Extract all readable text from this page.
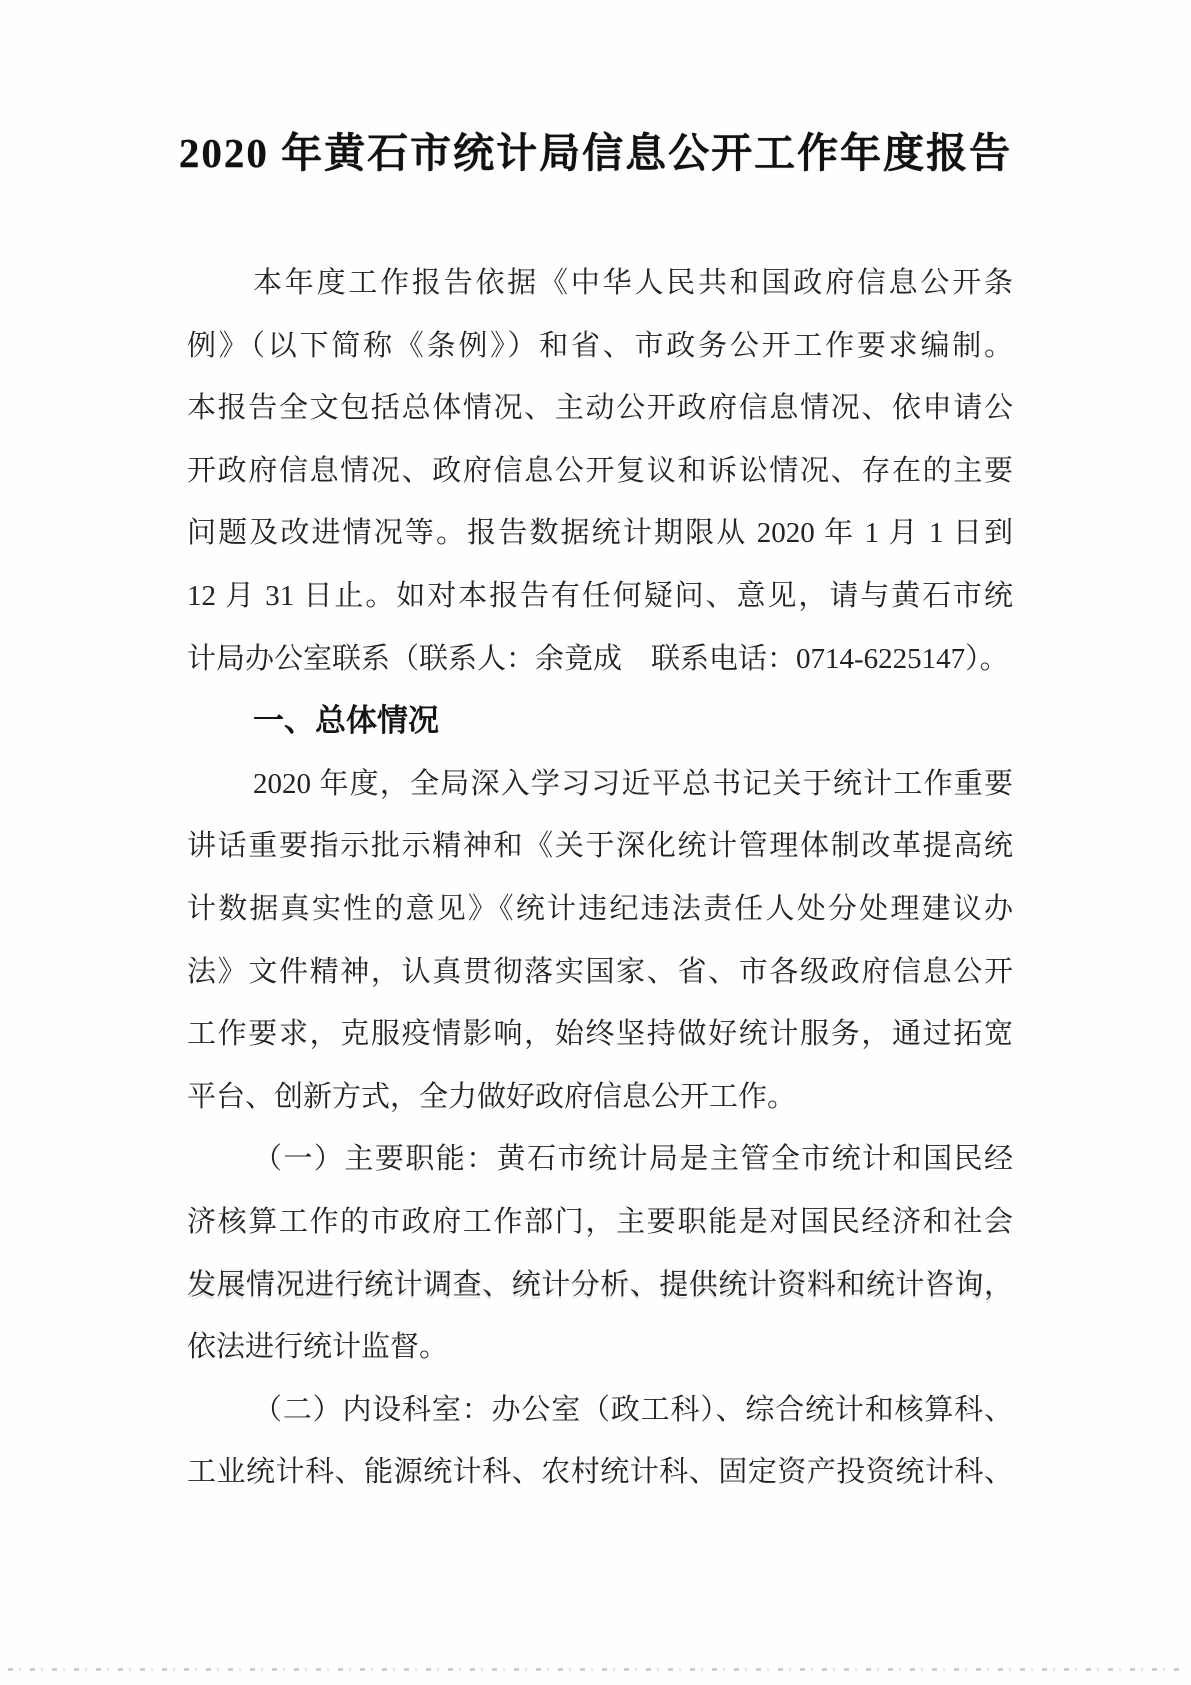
2020 年黄石市统计局信息公开工作年度报告
本年度工作报告依据《中华人民共和国政府信息公开条
例》（以下简称《条例》）和省、市政务公开工作要求编制。
本报告全文包括总体情况、主动公开政府信息情况、依申请公
开政府信息情况、政府信息公开复议和诉讼情况、存在的主要
问题及改进情况等。报告数据统计期限从 2020 年 1 月 1 日到
12 月 31 日止。如对本报告有任何疑问、意见，请与黄石市统
计局办公室联系（联系人：余竟成　联系电话：0714-6225147）。
一、总体情况
2020 年度，全局深入学习习近平总书记关于统计工作重要
讲话重要指示批示精神和《关于深化统计管理体制改革提高统
计数据真实性的意见》《统计违纪违法责任人处分处理建议办
法》文件精神，认真贯彻落实国家、省、市各级政府信息公开
工作要求，克服疫情影响，始终坚持做好统计服务，通过拓宽
平台、创新方式，全力做好政府信息公开工作。
（一）主要职能：黄石市统计局是主管全市统计和国民经
济核算工作的市政府工作部门，主要职能是对国民经济和社会
发展情况进行统计调查、统计分析、提供统计资料和统计咨询，
依法进行统计监督。
（二）内设科室：办公室（政工科）、综合统计和核算科、
工业统计科、能源统计科、农村统计科、固定资产投资统计科、
